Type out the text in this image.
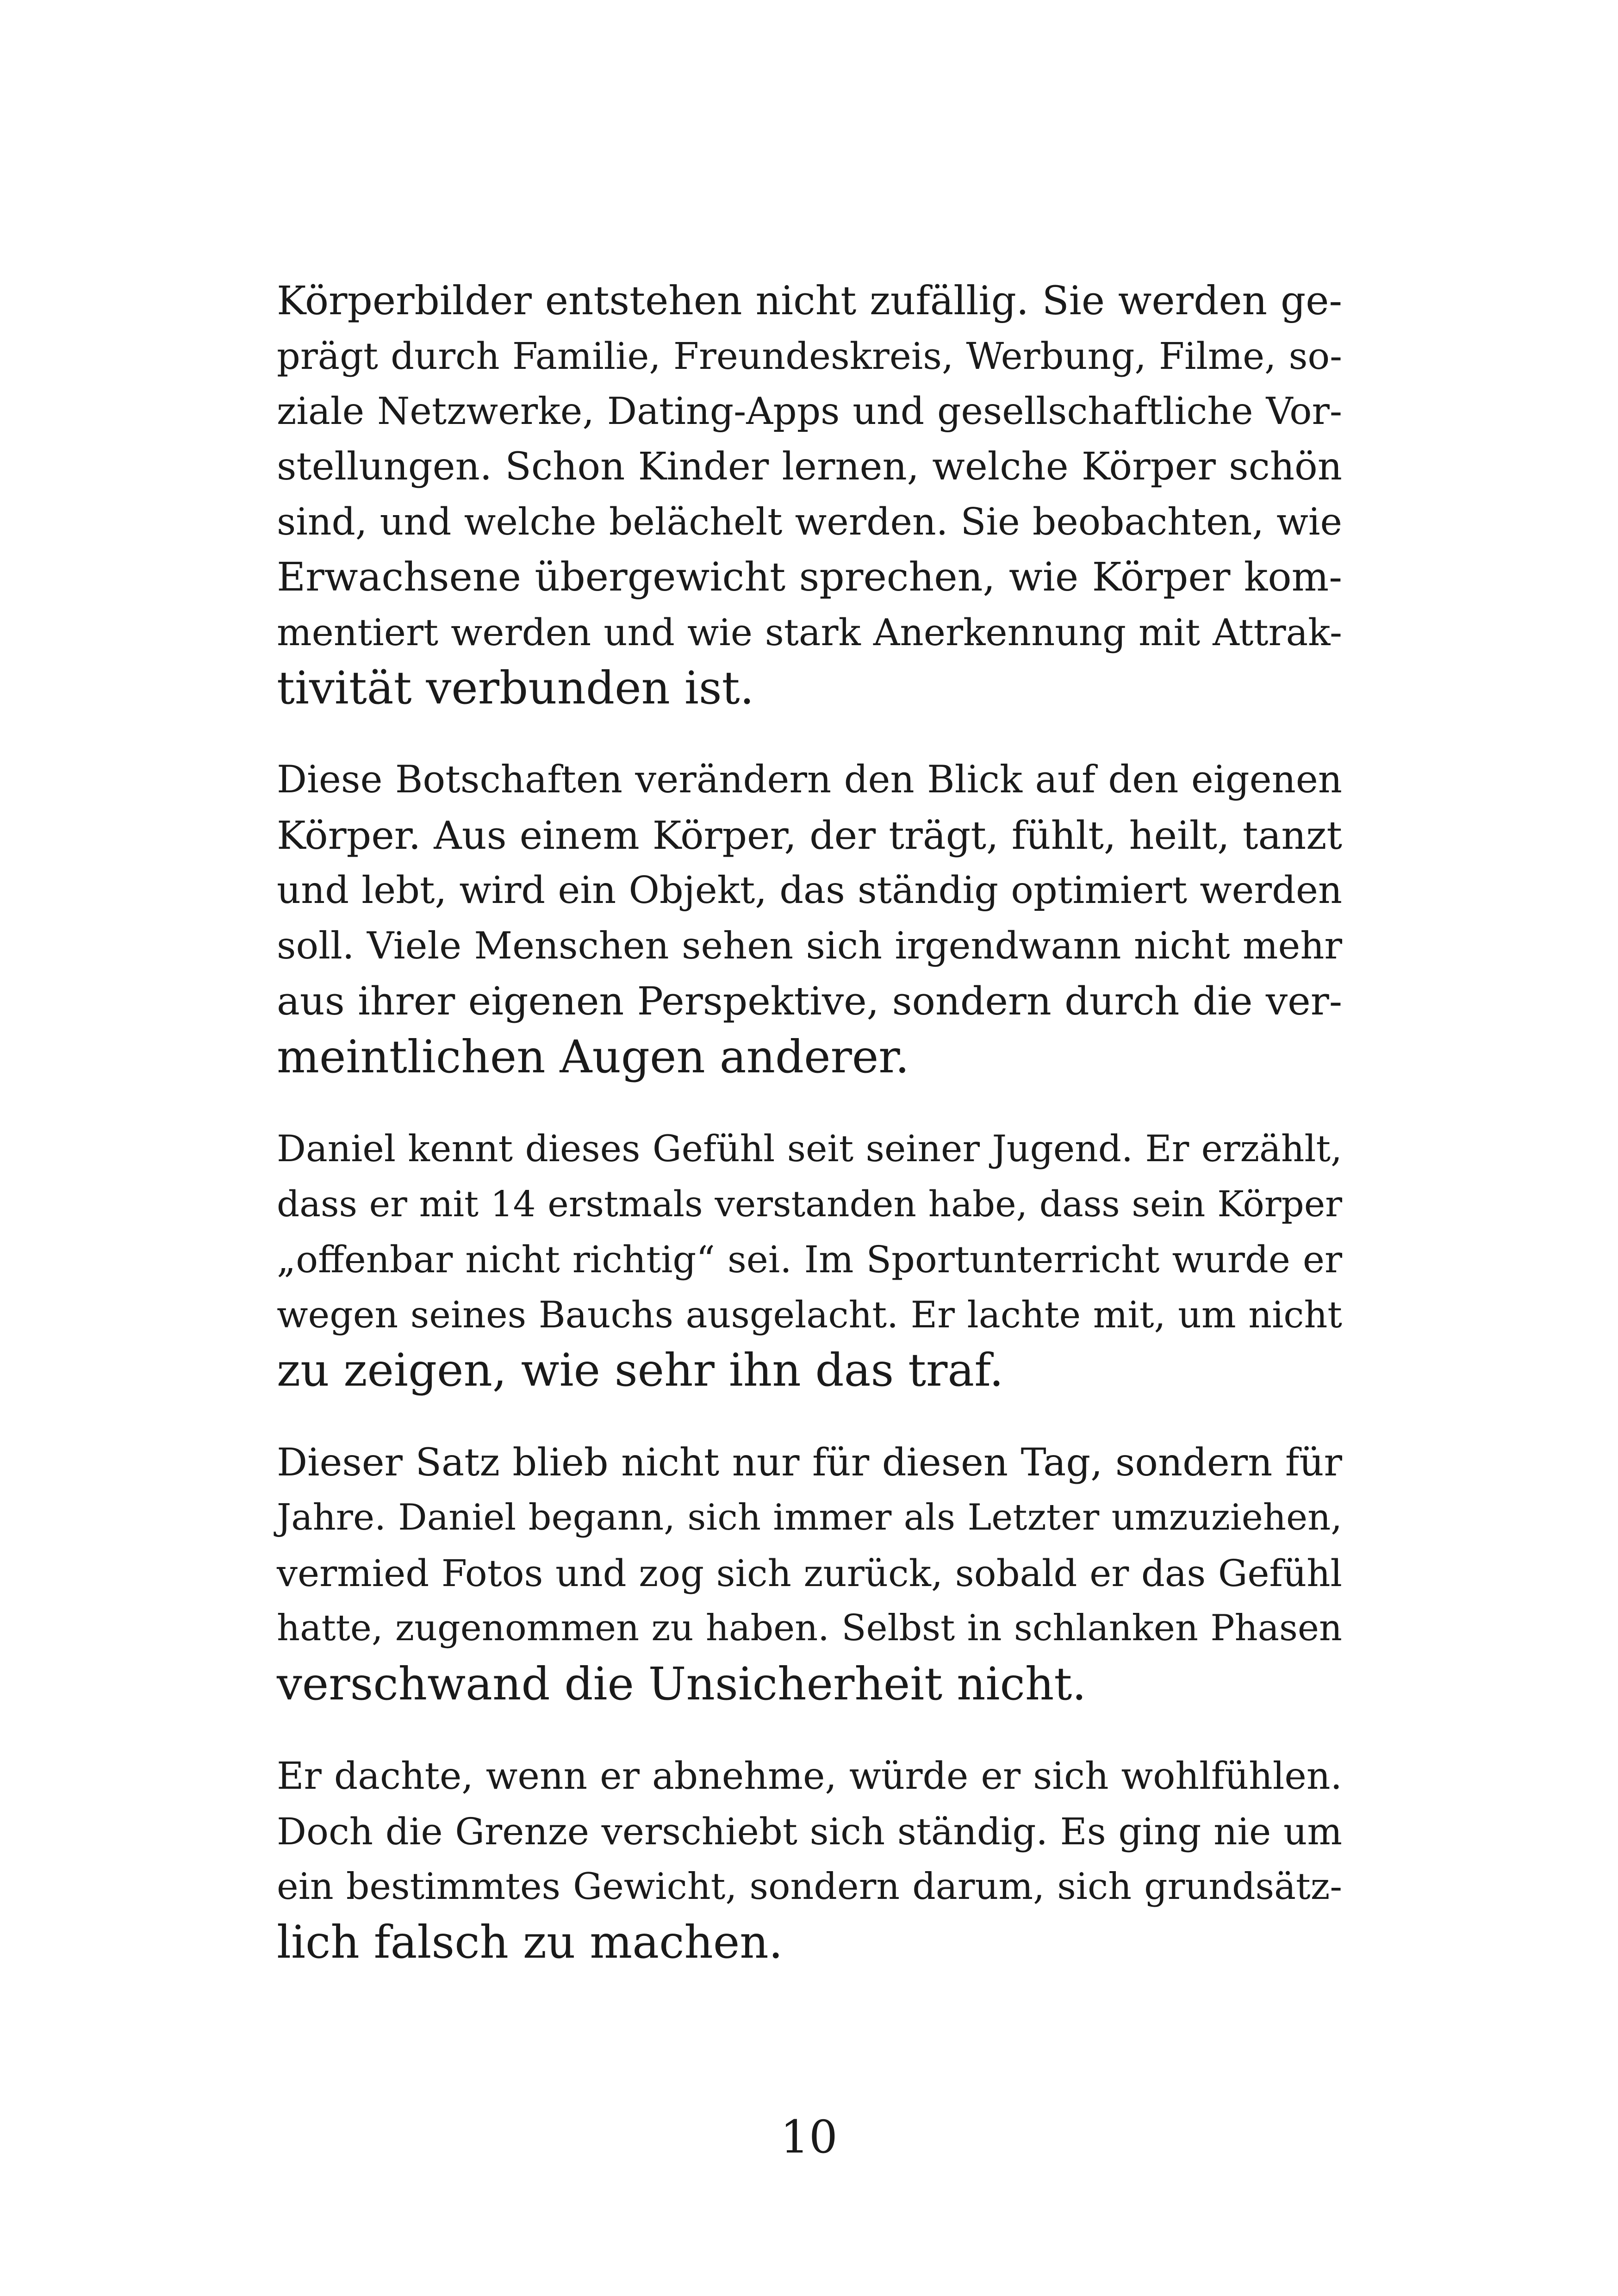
Körperbilder entstehen nicht zufällig. Sie werden ge-
prägt durch Familie, Freundeskreis, Werbung, Filme, so-
ziale Netzwerke, Dating-Apps und gesellschaftliche Vor-
stellungen. Schon Kinder lernen, welche Körper schön
sind, und welche belächelt werden. Sie beobachten, wie
Erwachsene übergewicht sprechen, wie Körper kom-
mentiert werden und wie stark Anerkennung mit Attrak-
tivität verbunden ist.

Diese Botschaften verändern den Blick auf den eigenen
Körper. Aus einem Körper, der trägt, fühlt, heilt, tanzt
und lebt, wird ein Objekt, das ständig optimiert werden
soll. Viele Menschen sehen sich irgendwann nicht mehr
aus ihrer eigenen Perspektive, sondern durch die ver-
meintlichen Augen anderer.

Daniel kennt dieses Gefühl seit seiner Jugend. Er erzählt,
dass er mit 14 erstmals verstanden habe, dass sein Körper
„offenbar nicht richtig“ sei. Im Sportunterricht wurde er
wegen seines Bauchs ausgelacht. Er lachte mit, um nicht
zu zeigen, wie sehr ihn das traf.

Dieser Satz blieb nicht nur für diesen Tag, sondern für
Jahre. Daniel begann, sich immer als Letzter umzuziehen,
vermied Fotos und zog sich zurück, sobald er das Gefühl
hatte, zugenommen zu haben. Selbst in schlanken Phasen
verschwand die Unsicherheit nicht.

Er dachte, wenn er abnehme, würde er sich wohlfühlen.
Doch die Grenze verschiebt sich ständig. Es ging nie um
ein bestimmtes Gewicht, sondern darum, sich grundsätz-
lich falsch zu machen.

10
